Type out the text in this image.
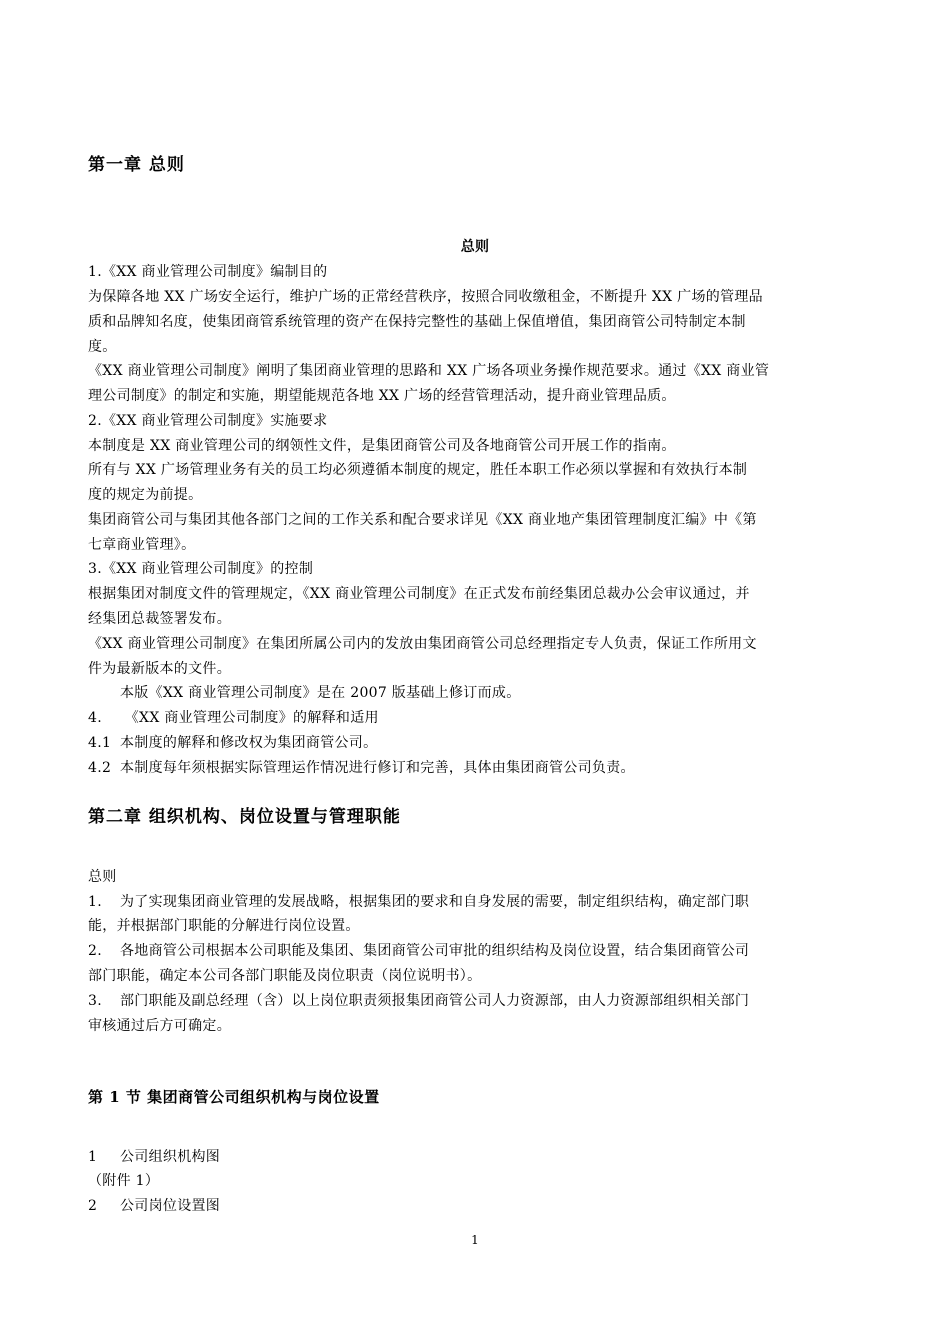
第一章 总则
总则
1.《XX 商业管理公司制度》编制目的
为保障各地 XX 广场安全运行，维护广场的正常经营秩序，按照合同收缴租金，不断提升 XX 广场的管理品
质和品牌知名度，使集团商管系统管理的资产在保持完整性的基础上保值增值，集团商管公司特制定本制
度。
《XX 商业管理公司制度》阐明了集团商业管理的思路和 XX 广场各项业务操作规范要求。通过《XX 商业管
理公司制度》的制定和实施，期望能规范各地 XX 广场的经营管理活动，提升商业管理品质。
2.《XX 商业管理公司制度》实施要求
本制度是 XX 商业管理公司的纲领性文件，是集团商管公司及各地商管公司开展工作的指南。
所有与 XX 广场管理业务有关的员工均必须遵循本制度的规定，胜任本职工作必须以掌握和有效执行本制
度的规定为前提。
集团商管公司与集团其他各部门之间的工作关系和配合要求详见《XX 商业地产集团管理制度汇编》中《第
七章商业管理》。
3.《XX 商业管理公司制度》的控制
根据集团对制度文件的管理规定，《XX 商业管理公司制度》在正式发布前经集团总裁办公会审议通过，并
经集团总裁签署发布。
《XX 商业管理公司制度》在集团所属公司内的发放由集团商管公司总经理指定专人负责，保证工作所用文
件为最新版本的文件。
本版《XX 商业管理公司制度》是在 2007 版基础上修订而成。
4. 《XX 商业管理公司制度》的解释和适用
4.1 本制度的解释和修改权为集团商管公司。
4.2 本制度每年须根据实际管理运作情况进行修订和完善，具体由集团商管公司负责。
第二章 组织机构、岗位设置与管理职能
总则
1. 为了实现集团商业管理的发展战略，根据集团的要求和自身发展的需要，制定组织结构，确定部门职
能，并根据部门职能的分解进行岗位设置。
2. 各地商管公司根据本公司职能及集团、集团商管公司审批的组织结构及岗位设置，结合集团商管公司
部门职能，确定本公司各部门职能及岗位职责（岗位说明书）。
3. 部门职能及副总经理（含）以上岗位职责须报集团商管公司人力资源部，由人力资源部组织相关部门
审核通过后方可确定。
第 1 节 集团商管公司组织机构与岗位设置
1 公司组织机构图
（附件 1）
2 公司岗位设置图
1
